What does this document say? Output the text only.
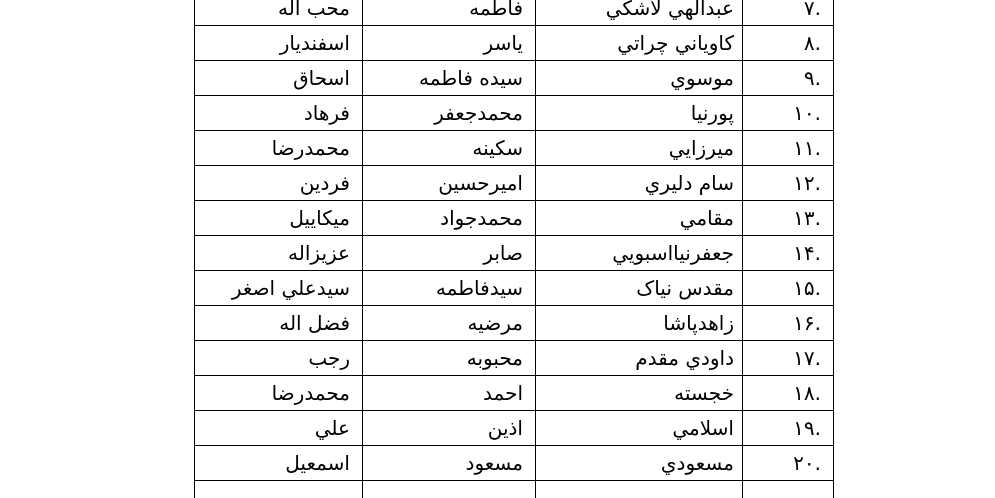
محب اله	فاطمه	عبدالهي لاشکي	.۷
اسفنديار	ياسر	کاوياني چراتي	.۸
اسحاق	سيده فاطمه	موسوي	.۹
فرهاد	محمدجعفر	پورنيا	.۱۰
محمدرضا	سکينه	ميرزايي	.۱۱
فردين	اميرحسين	سام دليري	.۱۲
ميکاييل	محمدجواد	مقامي	.۱۳
عزيزاله	صابر	جعفرنيااسبويي	.۱۴
سيدعلي اصغر	سيدفاطمه	مقدس نياک	.۱۵
فضل اله	مرضيه	زاهدپاشا	.۱۶
رجب	محبوبه	داودي مقدم	.۱۷
محمدرضا	احمد	خجسته	.۱۸
علي	اذين	اسلامي	.۱۹
اسمعيل	مسعود	مسعودي	.۲۰
